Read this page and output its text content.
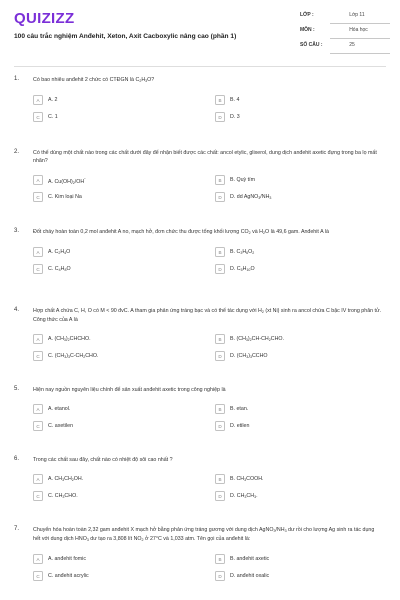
QUIZIZZ
100 câu trắc nghiệm Anđehit, Xeton, Axit Cacboxylic nâng cao (phần 1)
LỚP :	Lớp 11
MÔN :	Hóa học
SỐ CÂU :	25
1.	Có bao nhiêu anđehit 2 chức có CTĐGN là $C_2H_3O$?
A	A. 2	B	B. 4
C	C. 1	D	D. 3
2.	Có thể dùng một chất nào trong các chất dưới đây để nhận biết được các chất: ancol etylic, glixerol, dung dịch anđehit axetic đựng trong ba lọ mất nhãn?
A	A. $Cu(OH)_2/OH^-$	B	B. Quỳ tím
C	C. Kim loại Na	D	D. dd $AgNO_3/NH_3$
3.	Đốt cháy hoàn toàn 0,2 mol anđehit A no, mạch hở, đơn chức thu được tổng khối lượng $CO_2$ và $H_2O$ là 49,6 gam. Anđehit A là
A	A. $C_2H_4O$	B	B. $C_3H_6O_2$
C	C. $C_4H_8O$	D	D. $C_5H_{10}O$
4.	Hợp chất A chứa C, H, O có M < 90 đvC. A tham gia phản ứng tráng bạc và có thể tác dụng với $H_2$ (xt Ni) sinh ra ancol chứa C bậc IV trong phân tử. Công thức của A là
A	A. $(CH_3)_2CHCHO$.	B	B. $(CH_3)_2CH-CH_2CHO$.
C	C. $(CH_3)_3C-CH_2CHO$.	D	D. $(CH_3)_3CCHO$
5.	Hiện nay nguồn nguyên liệu chính để sản xuất anđehit axetic trong công nghiệp là
A	A. etanol.	B	B. etan.
C	C. axetilen	D	D. etilen
6.	Trong các chất sau đây, chất nào có nhiệt độ sôi cao nhất ?
A	A. $CH_3CH_2OH$.	B	B. $CH_3COOH$.
C	C. $CH_3CHO$.	D	D. $CH_3CH_3$.
7.	Chuyển hóa hoàn toàn 2,32 gam anđehit X mạch hở bằng phản ứng tráng gương với dung dịch $AgNO_3/NH_3$ dư rồi cho lượng Ag sinh ra tác dụng hết với dung dịch $HNO_3$ dư tạo ra 3,808 lít $NO_2$ ở 27°C và 1,033 atm. Tên gọi của anđehit là:
A	A. anđehit fomic	B	B. anđehit axetic
C	C. anđehit acrylic	D	D. anđehit oxalic
